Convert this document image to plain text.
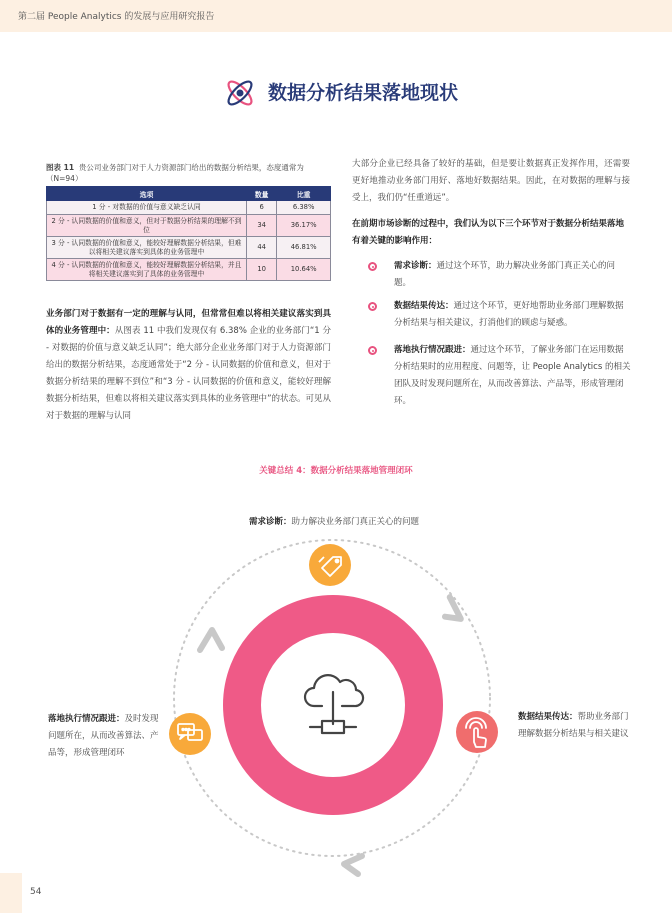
第二届 People Analytics 的发展与应用研究报告
数据分析结果落地现状
图表 11 贵公司业务部门对于人力资源部门给出的数据分析结果，态度通常为（N=94）
选项	数量	比重
1 分 - 对数据的价值与意义缺乏认同	6	6.38%
2 分 - 认同数据的价值和意义，但对于数据分析结果的理解不到位	34	36.17%
3 分 - 认同数据的价值和意义，能较好理解数据分析结果，但难以将相关建议落实到具体的业务管理中	44	46.81%
4 分 - 认同数据的价值和意义，能较好理解数据分析结果，并且将相关建议落实到了具体的业务管理中	10	10.64%
业务部门对于数据有一定的理解与认同，但常常但难以将相关建议落实到具体的业务管理中：从图表 11 中我们发现仅有 6.38% 企业的业务部门“1 分 - 对数据的价值与意义缺乏认同”；绝大部分企业业务部门对于人力资源部门给出的数据分析结果，态度通常处于“2 分 - 认同数据的价值和意义，但对于数据分析结果的理解不到位”和“3 分 - 认同数据的价值和意义，能较好理解数据分析结果，但难以将相关建议落实到具体的业务管理中”的状态。可见从对于数据的理解与认同
大部分企业已经具备了较好的基础，但是要让数据真正发挥作用，还需要更好地推动业务部门用好、落地好数据结果。因此，在对数据的理解与接受上，我们仍“任重道远”。
在前期市场诊断的过程中，我们认为以下三个环节对于数据分析结果落地有着关键的影响作用：
需求诊断：通过这个环节，助力解决业务部门真正关心的问题。
数据结果传达：通过这个环节，更好地帮助业务部门理解数据分析结果与相关建议，打消他们的顾虑与疑惑。
落地执行情况跟进：通过这个环节，了解业务部门在运用数据分析结果时的应用程度、问题等，让 People Analytics 的相关团队及时发现问题所在，从而改善算法、产品等，形成管理闭环。
关键总结 4：数据分析结果落地管理闭环
需求诊断：助力解决业务部门真正关心的问题
数据结果传达：帮助业务部门理解数据分析结果与相关建议
落地执行情况跟进：及时发现问题所在，从而改善算法、产品等，形成管理闭环
54
